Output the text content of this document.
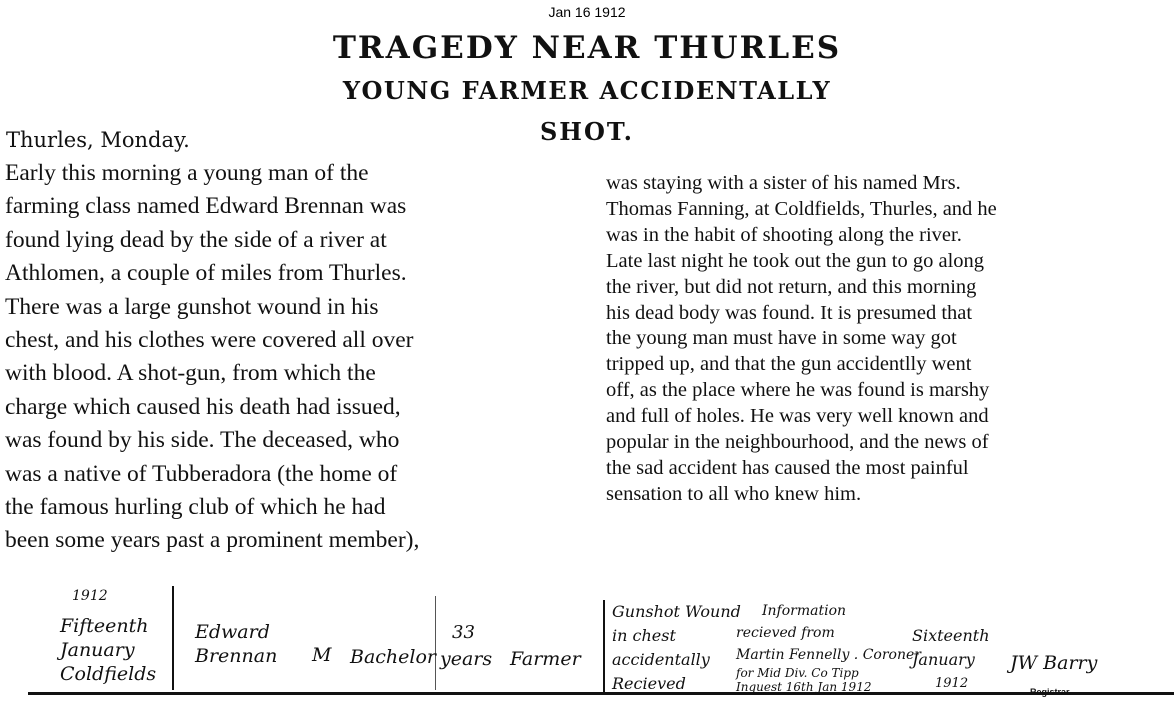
Jan 16 1912
TRAGEDY NEAR THURLES
YOUNG FARMER ACCIDENTALLY
SHOT.
Thurles, Monday.
Early this morning a young man of the
farming class named Edward Brennan was
found lying dead by the side of a river at
Athlomen, a couple of miles from Thurles.
There was a large gunshot wound in his
chest, and his clothes were covered all over
with blood. A shot-gun, from which the
charge which caused his death had issued,
was found by his side. The deceased, who
was a native of Tubberadora (the home of
the famous hurling club of which he had
been some years past a prominent member),
was staying with a sister of his named Mrs.
Thomas Fanning, at Coldfields, Thurles, and he
was in the habit of shooting along the river.
Late last night he took out the gun to go along
the river, but did not return, and this morning
his dead body was found. It is presumed that
the young man must have in some way got
tripped up, and that the gun accidentlly went
off, as the place where he was found is marshy
and full of holes. He was very well known and
popular in the neighbourhood, and the news of
the sad accident has caused the most painful
sensation to all who knew him.
1912
Fifteenth
January
Coldfields
Edward
Brennan M Bachelor
33
years Farmer
Gunshot Wound
in chest
accidentally
Recieved
Information
recieved from
Martin Fennelly . Coroner
for Mid Div. Co Tipp
Inquest 16th Jan 1912
Sixteenth
January
1912
JW Barry
Registrar.
